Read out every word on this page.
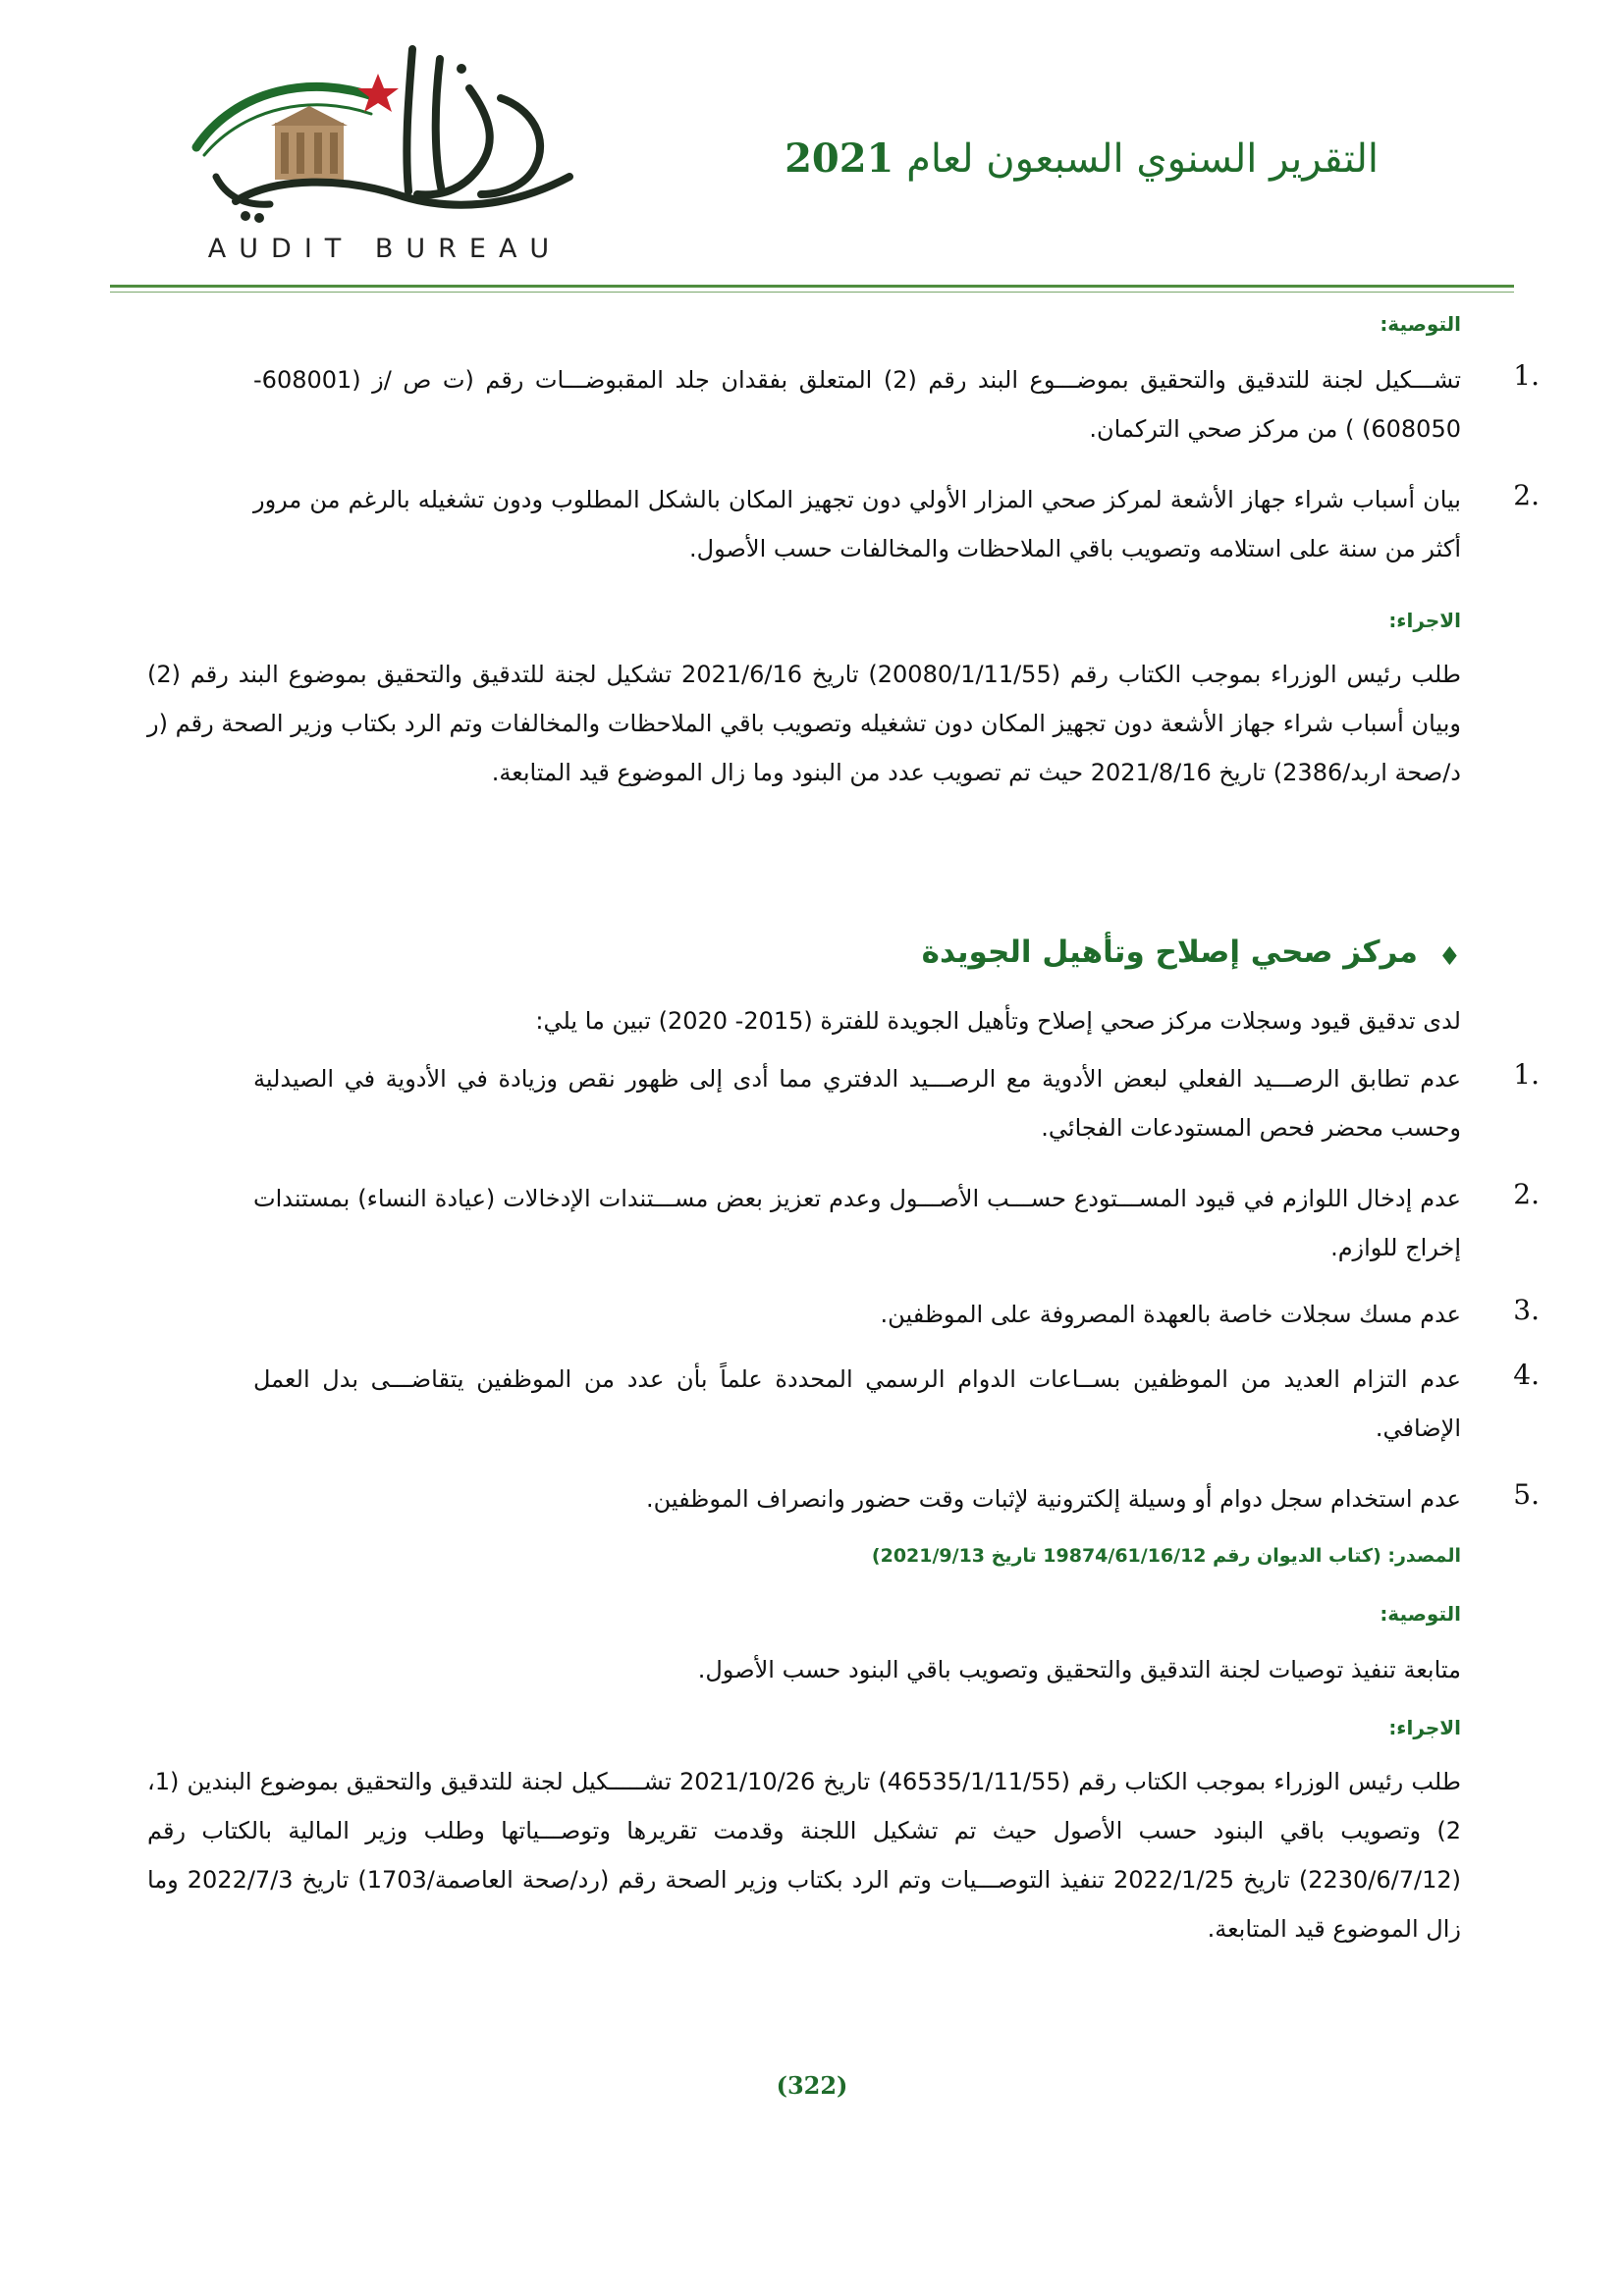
AUDIT BUREAU
التقرير السنوي السبعون لعام 2021
التوصية:
1.
تشـــكيل لجنة للتدقيق والتحقيق بموضـــوع البند رقم (2) المتعلق بفقدان جلد المقبوضـــات رقم (ت ص /ز (608001- 608050) ) من مركز صحي التركمان.
2.
بيان أسباب شراء جهاز الأشعة لمركز صحي المزار الأولي دون تجهيز المكان بالشكل المطلوب ودون تشغيله بالرغم من مرور أكثر من سنة على استلامه وتصويب باقي الملاحظات والمخالفات حسب الأصول.
الاجراء:
طلب رئيس الوزراء بموجب الكتاب رقم (20080/1/11/55) تاريخ 2021/6/16 تشكيل لجنة للتدقيق والتحقيق بموضوع البند رقم (2) وبيان أسباب شراء جهاز الأشعة دون تجهيز المكان دون تشغيله وتصويب باقي الملاحظات والمخالفات وتم الرد بكتاب وزير الصحة رقم (ر د/صحة اربد/2386) تاريخ 2021/8/16 حيث تم تصويب عدد من البنود وما زال الموضوع قيد المتابعة.
♦
مركز صحي إصلاح وتأهيل الجويدة
لدى تدقيق قيود وسجلات مركز صحي إصلاح وتأهيل الجويدة للفترة (2015- 2020) تبين ما يلي:
1.
عدم تطابق الرصـــيد الفعلي لبعض الأدوية مع الرصـــيد الدفتري مما أدى إلى ظهور نقص وزيادة في الأدوية في الصيدلية وحسب محضر فحص المستودعات الفجائي.
2.
عدم إدخال اللوازم في قيود المســـتودع حســـب الأصـــول وعدم تعزيز بعض مســـتندات الإدخالات (عيادة النساء) بمستندات إخراج للوازم.
3.
عدم مسك سجلات خاصة بالعهدة المصروفة على الموظفين.
4.
عدم التزام العديد من الموظفين بســاعات الدوام الرسمي المحددة علماً بأن عدد من الموظفين يتقاضـــى بدل العمل الإضافي.
5.
عدم استخدام سجل دوام أو وسيلة إلكترونية لإثبات وقت حضور وانصراف الموظفين.
المصدر: (كتاب الديوان رقم 19874/61/16/12 تاريخ 2021/9/13)
التوصية:
متابعة تنفيذ توصيات لجنة التدقيق والتحقيق وتصويب باقي البنود حسب الأصول.
الاجراء:
طلب رئيس الوزراء بموجب الكتاب رقم (46535/1/11/55) تاريخ 2021/10/26 تشـــــكيل لجنة للتدقيق والتحقيق بموضوع البندين (1، 2) وتصويب باقي البنود حسب الأصول حيث تم تشكيل اللجنة وقدمت تقريرها وتوصـــياتها وطلب وزير المالية بالكتاب رقم (2230/6/7/12) تاريخ 2022/1/25 تنفيذ التوصـــيات وتم الرد بكتاب وزير الصحة رقم (رد/صحة العاصمة/1703) تاريخ 2022/7/3 وما زال الموضوع قيد المتابعة.
(322)
